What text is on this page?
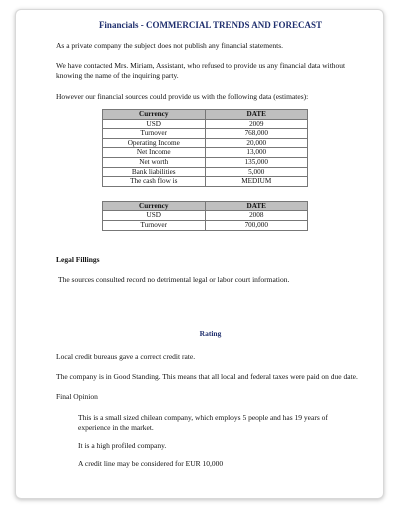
Financials - COMMERCIAL TRENDS AND FORECAST

As a private company the subject does not publish any financial statements.

We have contacted Mrs. Miriam, Assistant, who refused to provide us any financial data without knowing the name of the inquiring party.

However our financial sources could provide us with the following data (estimates):

Currency	DATE
USD	2009
Turnover	768,000
Operating Income	20,000
Net Income	13,000
Net worth	135,000
Bank liabilities	5,000
The cash flow is	MEDIUM
Currency	DATE
USD	2008
Turnover	700,000

Legal Fillings

The sources consulted record no detrimental legal or labor court information.

Rating

Local credit bureaus gave a correct credit rate.

The company is in Good Standing. This means that all local and federal taxes were paid on due date.

Final Opinion

This is a small sized chilean company, which employs 5 people and has 19 years of experience in the market.

It is a high profiled company.

A credit line may be considered for EUR 10,000
